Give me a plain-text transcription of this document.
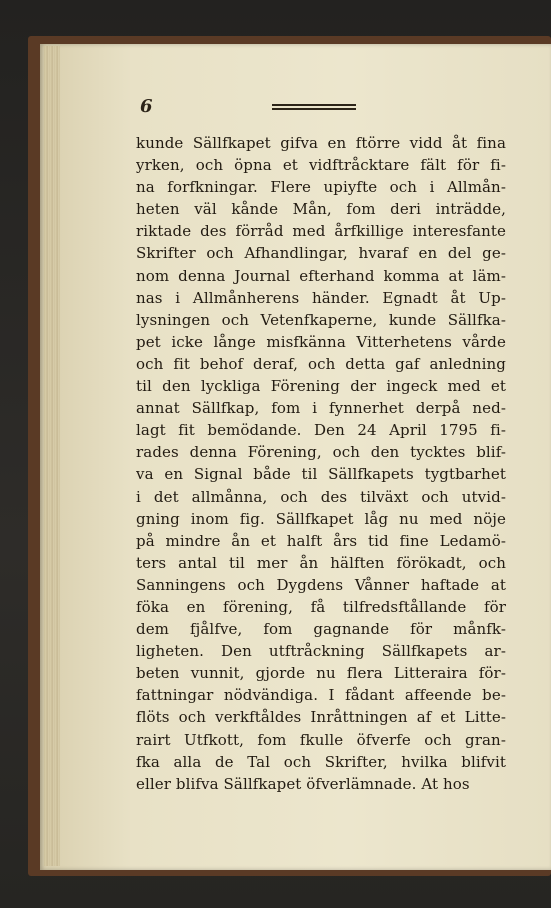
6
kunde Sällfkapet gifva en ftörre vidd åt fina
yrken, och öpna et vidftråcktare fält för fi-
na forfkningar. Flere upiyfte och i Allmån-
heten väl kånde Mån, fom deri inträdde,
riktade des förråd med årfkillige interesfante
Skrifter och Afhandlingar, hvaraf en del ge-
nom denna Journal efterhand komma at läm-
nas i Allmånherens händer. Egnadt åt Up-
lysningen och Vetenfkaperne, kunde Sällfka-
pet icke långe misfkänna Vitterhetens vårde
och fit behof deraf, och detta gaf anledning
til den lyckliga Förening der ingeck med et
annat Sällfkap, fom i fynnerhet derpå ned-
lagt fit bemödande. Den 24 April 1795 fi-
rades denna Förening, och den tycktes blif-
va en Signal både til Sällfkapets tygtbarhet
i det allmånna, och des tilväxt och utvid-
gning inom fig. Sällfkapet låg nu med nöje
på mindre ån et halft års tid fine Ledamö-
ters antal til mer ån hälften förökadt, och
Sanningens och Dygdens Vånner haftade at
föka en förening, få tilfredsftållande för
dem fjålfve, fom gagnande för månfk-
ligheten. Den utftråckning Sällfkapets ar-
beten vunnit, gjorde nu flera Litteraira för-
fattningar nödvändiga. I fådant affeende be-
flöts och verkftåldes Inråttningen af et Litte-
rairt Utfkott, fom fkulle öfverfe och gran-
fka alla de Tal och Skrifter, hvilka blifvit
eller blifva Sällfkapet öfverlämnade. At hos
